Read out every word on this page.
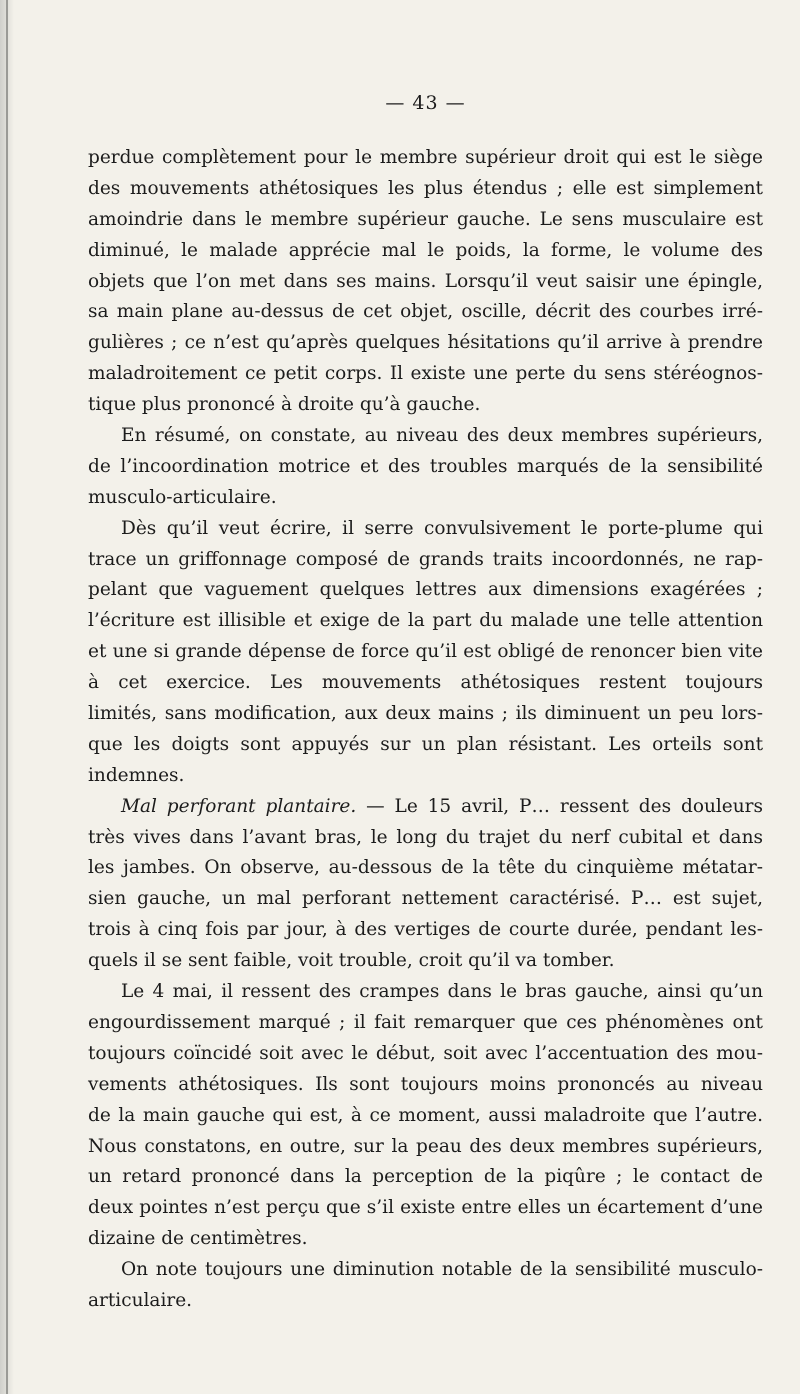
— 43 —
perdue complètement pour le membre supérieur droit qui est le siège
des mouvements athétosiques les plus étendus ; elle est simplement
amoindrie dans le membre supérieur gauche. Le sens musculaire est
diminué, le malade apprécie mal le poids, la forme, le volume des
objets que l’on met dans ses mains. Lorsqu’il veut saisir une épingle,
sa main plane au-dessus de cet objet, oscille, décrit des courbes irré-
gulières ; ce n’est qu’après quelques hésitations qu’il arrive à prendre
maladroitement ce petit corps. Il existe une perte du sens stéréognos-
tique plus prononcé à droite qu’à gauche.
En résumé, on constate, au niveau des deux membres supérieurs,
de l’incoordination motrice et des troubles marqués de la sensibilité
musculo-articulaire.
Dès qu’il veut écrire, il serre convulsivement le porte-plume qui
trace un griffonnage composé de grands traits incoordonnés, ne rap-
pelant que vaguement quelques lettres aux dimensions exagérées ;
l’écriture est illisible et exige de la part du malade une telle attention
et une si grande dépense de force qu’il est obligé de renoncer bien vite
à cet exercice. Les mouvements athétosiques restent toujours
limités, sans modification, aux deux mains ; ils diminuent un peu lors-
que les doigts sont appuyés sur un plan résistant. Les orteils sont
indemnes.
Mal perforant plantaire. — Le 15 avril, P… ressent des douleurs
très vives dans l’avant bras, le long du trajet du nerf cubital et dans
les jambes. On observe, au-dessous de la tête du cinquième métatar-
sien gauche, un mal perforant nettement caractérisé. P… est sujet,
trois à cinq fois par jour, à des vertiges de courte durée, pendant les-
quels il se sent faible, voit trouble, croit qu’il va tomber.
Le 4 mai, il ressent des crampes dans le bras gauche, ainsi qu’un
engourdissement marqué ; il fait remarquer que ces phénomènes ont
toujours coïncidé soit avec le début, soit avec l’accentuation des mou-
vements athétosiques. Ils sont toujours moins prononcés au niveau
de la main gauche qui est, à ce moment, aussi maladroite que l’autre.
Nous constatons, en outre, sur la peau des deux membres supérieurs,
un retard prononcé dans la perception de la piqûre ; le contact de
deux pointes n’est perçu que s’il existe entre elles un écartement d’une
dizaine de centimètres.
On note toujours une diminution notable de la sensibilité musculo-
articulaire.
